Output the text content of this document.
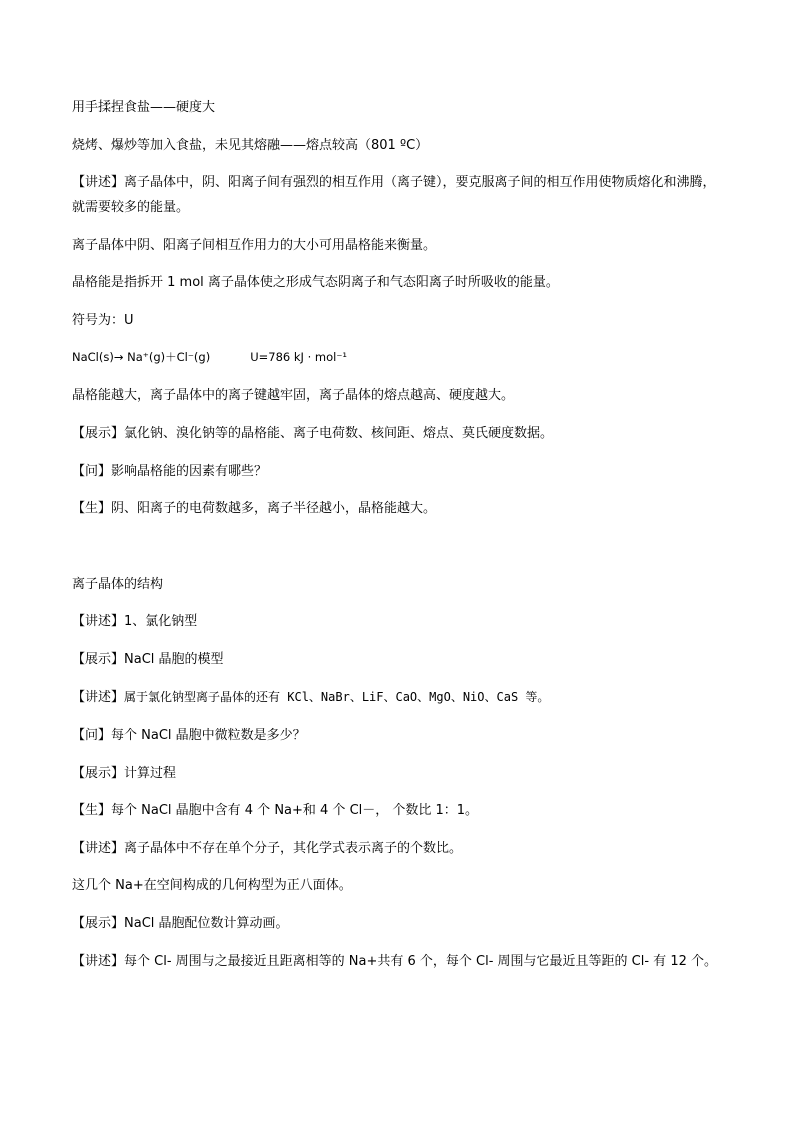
用手揉捏食盐——硬度大
烧烤、爆炒等加入食盐，未见其熔融——熔点较高（801 ºC）
【讲述】离子晶体中，阴、阳离子间有强烈的相互作用（离子键），要克服离子间的相互作用使物质熔化和沸腾，就需要较多的能量。
离子晶体中阴、阳离子间相互作用力的大小可用晶格能来衡量。
晶格能是指拆开 1 mol 离子晶体使之形成气态阴离子和气态阳离子时所吸收的能量。
符号为：U
NaCl(s)→ Na⁺(g)＋Cl⁻(g)	U=786 kJ · mol⁻¹
晶格能越大，离子晶体中的离子键越牢固，离子晶体的熔点越高、硬度越大。
【展示】氯化钠、溴化钠等的晶格能、离子电荷数、核间距、熔点、莫氏硬度数据。
【问】影响晶格能的因素有哪些？
【生】阴、阳离子的电荷数越多，离子半径越小，晶格能越大。
离子晶体的结构
【讲述】1、氯化钠型
【展示】NaCl 晶胞的模型
【讲述】属于氯化钠型离子晶体的还有 KCl、NaBr、LiF、CaO、MgO、NiO、CaS 等。
【问】每个 NaCl 晶胞中微粒数是多少？
【展示】计算过程
【生】每个 NaCl 晶胞中含有 4 个 Na+和 4 个 Cl－， 个数比 1：1。
【讲述】离子晶体中不存在单个分子，其化学式表示离子的个数比。
这几个 Na+在空间构成的几何构型为正八面体。
【展示】NaCl 晶胞配位数计算动画。
【讲述】每个 Cl- 周围与之最接近且距离相等的 Na+共有 6 个，每个 Cl- 周围与它最近且等距的 Cl- 有 12 个。
